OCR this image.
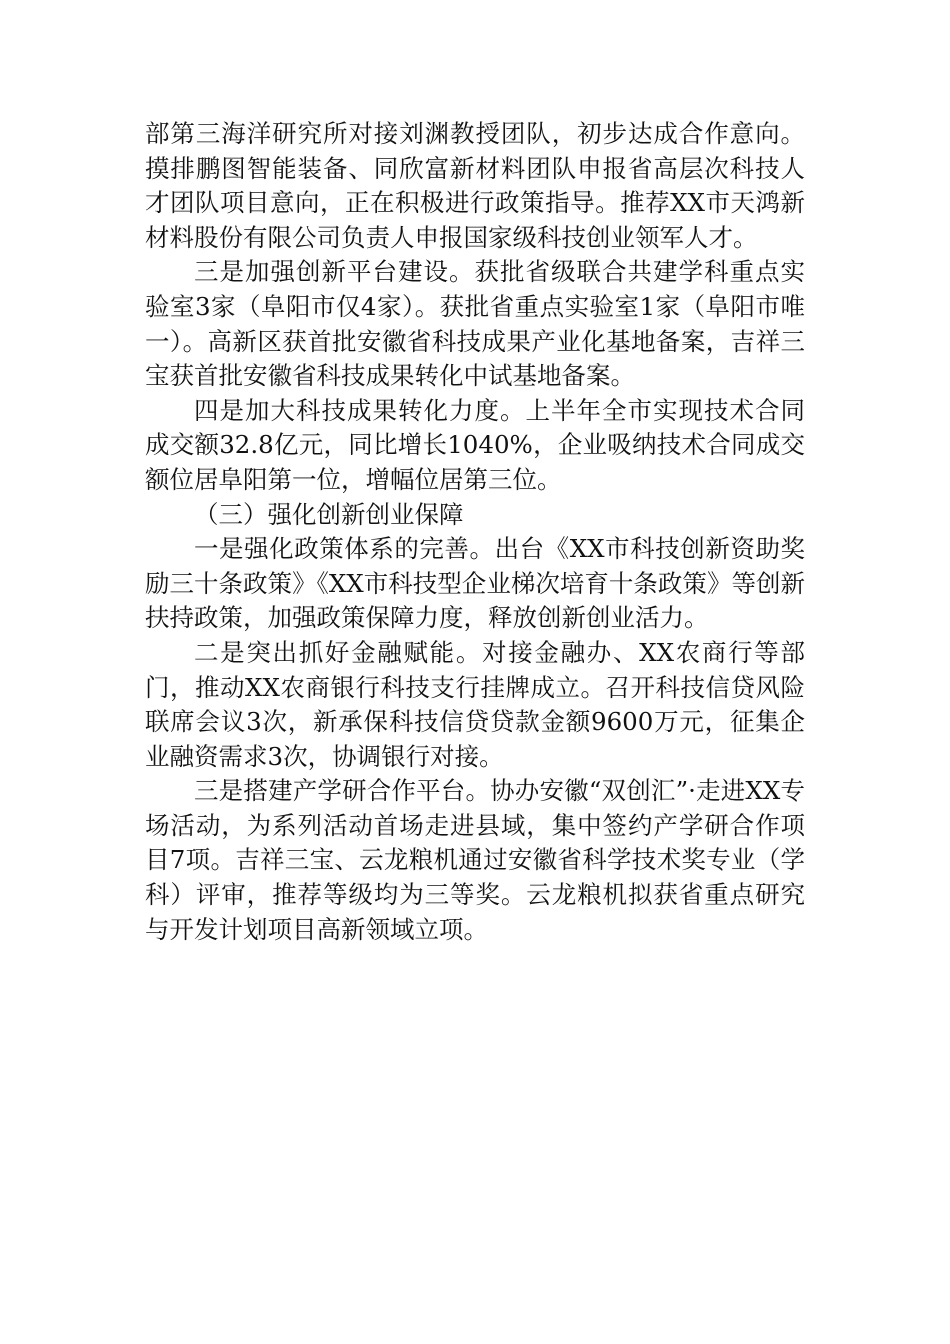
部第三海洋研究所对接刘渊教授团队，初步达成合作意向。摸排鹏图智能装备、同欣富新材料团队申报省高层次科技人才团队项目意向，正在积极进行政策指导。推荐XX市天鸿新材料股份有限公司负责人申报国家级科技创业领军人才。

三是加强创新平台建设。获批省级联合共建学科重点实验室3家（阜阳市仅4家）。获批省重点实验室1家（阜阳市唯一）。高新区获首批安徽省科技成果产业化基地备案，吉祥三宝获首批安徽省科技成果转化中试基地备案。

四是加大科技成果转化力度。上半年全市实现技术合同成交额32.8亿元，同比增长1040%，企业吸纳技术合同成交额位居阜阳第一位，增幅位居第三位。

（三）强化创新创业保障

一是强化政策体系的完善。出台《XX市科技创新资助奖励三十条政策》《XX市科技型企业梯次培育十条政策》等创新扶持政策，加强政策保障力度，释放创新创业活力。

二是突出抓好金融赋能。对接金融办、XX农商行等部门，推动XX农商银行科技支行挂牌成立。召开科技信贷风险联席会议3次，新承保科技信贷贷款金额9600万元，征集企业融资需求3次，协调银行对接。

三是搭建产学研合作平台。协办安徽“双创汇”·走进XX专场活动，为系列活动首场走进县域，集中签约产学研合作项目7项。吉祥三宝、云龙粮机通过安徽省科学技术奖专业（学科）评审，推荐等级均为三等奖。云龙粮机拟获省重点研究与开发计划项目高新领域立项。
